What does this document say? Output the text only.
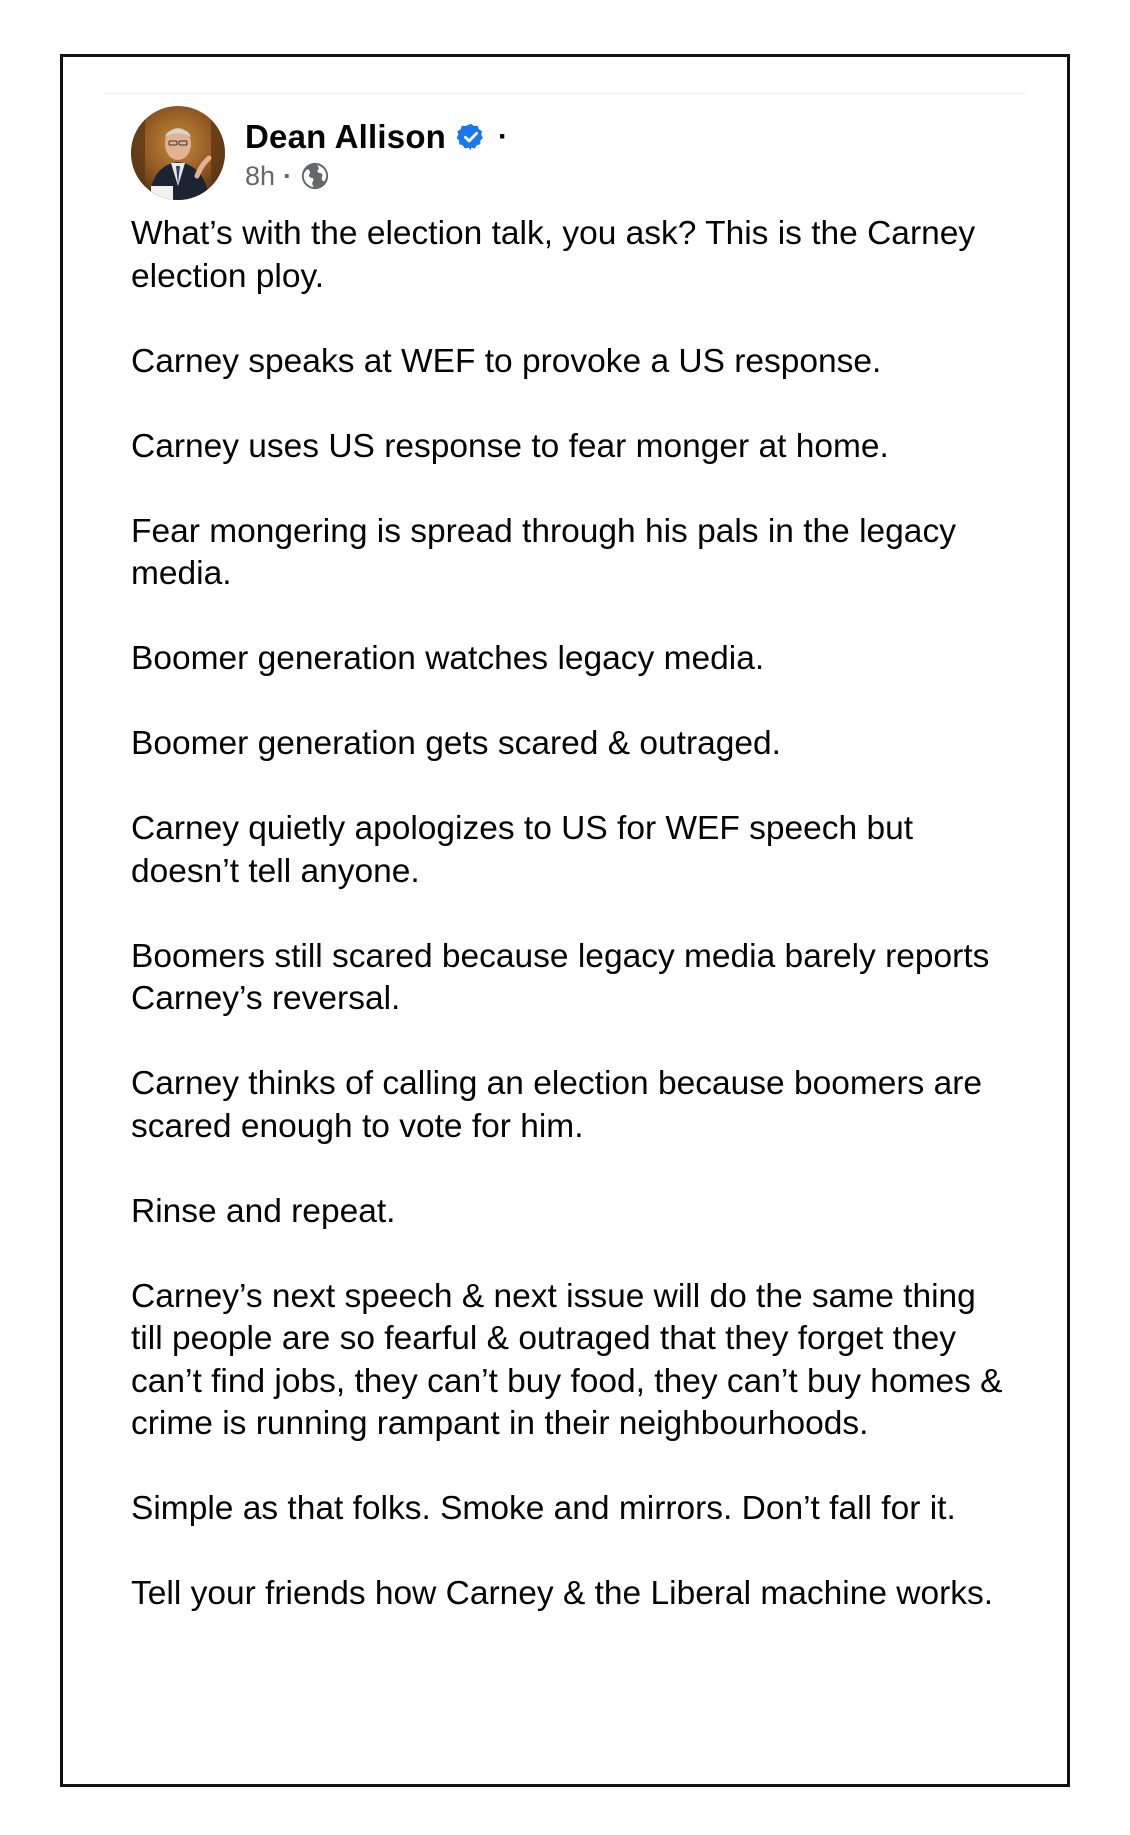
Dean Allison ·
8h ·

What’s with the election talk, you ask? This is the Carney election ploy.

Carney speaks at WEF to provoke a US response.

Carney uses US response to fear monger at home.

Fear mongering is spread through his pals in the legacy media.

Boomer generation watches legacy media.

Boomer generation gets scared & outraged.

Carney quietly apologizes to US for WEF speech but doesn’t tell anyone.

Boomers still scared because legacy media barely reports Carney’s reversal.

Carney thinks of calling an election because boomers are scared enough to vote for him.

Rinse and repeat.

Carney’s next speech & next issue will do the same thing till people are so fearful & outraged that they forget they can’t find jobs, they can’t buy food, they can’t buy homes & crime is running rampant in their neighbourhoods.

Simple as that folks. Smoke and mirrors. Don’t fall for it.

Tell your friends how Carney & the Liberal machine works.
